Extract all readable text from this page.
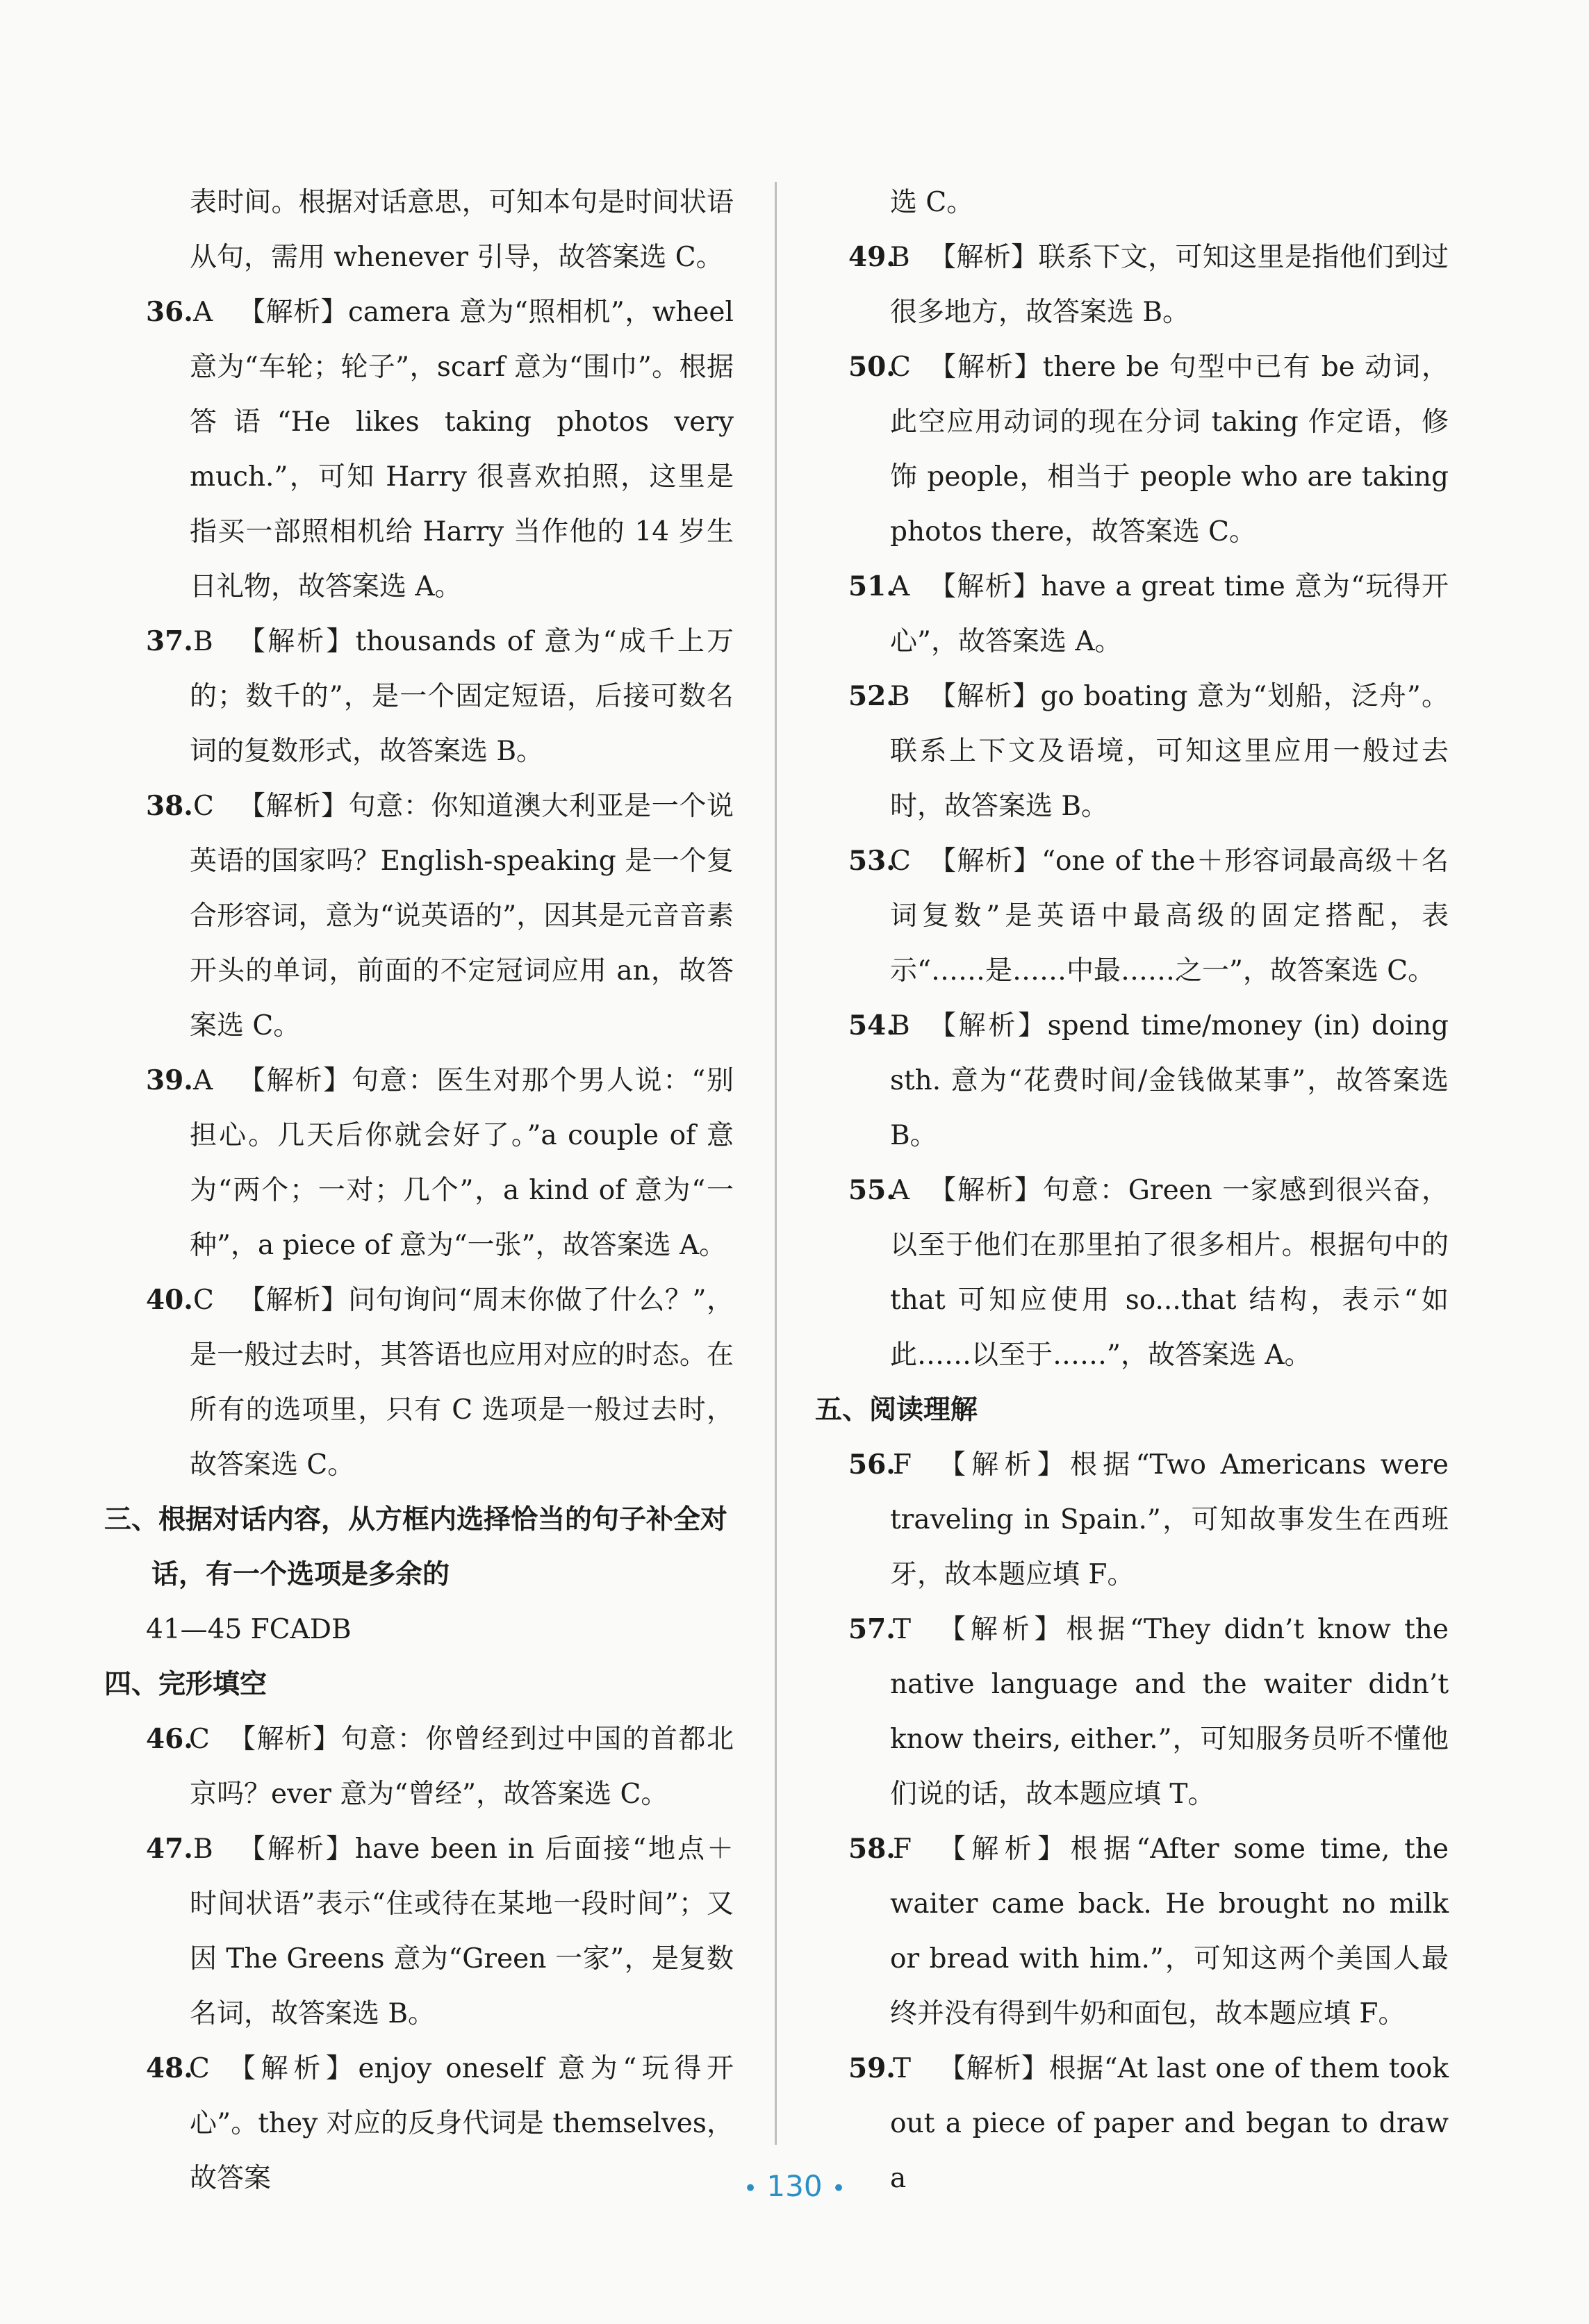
表时间。根据对话意思，可知本句是时间状语从句，需用 whenever 引导，故答案选 C。
36. A 【解析】camera 意为“照相机”，wheel 意为“车轮；轮子”，scarf 意为“围巾”。根据答语“He likes taking photos very much.”，可知 Harry 很喜欢拍照，这里是指买一部照相机给 Harry 当作他的 14 岁生日礼物，故答案选 A。
37. B 【解析】thousands of 意为“成千上万的；数千的”，是一个固定短语，后接可数名词的复数形式，故答案选 B。
38. C 【解析】句意：你知道澳大利亚是一个说英语的国家吗？English-speaking 是一个复合形容词，意为“说英语的”，因其是元音音素开头的单词，前面的不定冠词应用 an，故答案选 C。
39. A 【解析】句意：医生对那个男人说：“别担心。几天后你就会好了。”a couple of 意为“两个；一对；几个”，a kind of 意为“一种”，a piece of 意为“一张”，故答案选 A。
40. C 【解析】问句询问“周末你做了什么？”，是一般过去时，其答语也应用对应的时态。在所有的选项里，只有 C 选项是一般过去时，故答案选 C。
三、根据对话内容，从方框内选择恰当的句子补全对话，有一个选项是多余的
41—45 FCADB
四、完形填空
46.
C 【解析】句意：你曾经到过中国的首都北京吗？ever 意为“曾经”，故答案选 C。
47. B 【解析】have been in 后面接“地点＋时间状语”表示“住或待在某地一段时间”；又因 The Greens 意为“Green 一家”，是复数名词，故答案选 B。
48.
C 【解析】enjoy oneself 意为“玩得开心”。they 对应的反身代词是 themselves，故答案
选 C。
49.
B 【解析】联系下文，可知这里是指他们到过很多地方，故答案选 B。
50.
C 【解析】there be 句型中已有 be 动词，此空应用动词的现在分词 taking 作定语，修饰 people，相当于 people who are taking photos there，故答案选 C。
51.
A 【解析】have a great time 意为“玩得开心”，故答案选 A。
52.
B 【解析】go boating 意为“划船，泛舟”。联系上下文及语境，可知这里应用一般过去时，故答案选 B。
53.
C 【解析】“one of the＋形容词最高级＋名词复数”是英语中最高级的固定搭配，表示“……是……中最……之一”，故答案选 C。
54.
B 【解析】spend time/money (in) doing sth. 意为“花费时间/金钱做某事”，故答案选 B。
55.
A 【解析】句意：Green 一家感到很兴奋，以至于他们在那里拍了很多相片。根据句中的 that 可知应使用 so...that 结构，表示“如此……以至于……”，故答案选 A。
五、阅读理解
56.
F 【解析】根据“Two Americans were traveling in Spain.”，可知故事发生在西班牙，故本题应填 F。
57.
T	【解析】根据“They didn’t know the native language and the waiter didn’t know theirs, either.”，可知服务员听不懂他们说的话，故本题应填 T。
58.
F 【解析】根据“After some time, the waiter came back. He brought no milk or bread with him.”，可知这两个美国人最终并没有得到牛奶和面包，故本题应填 F。
59.
T	【解析】根据“At last one of them took out a piece of paper and began to draw a
• 130 •
